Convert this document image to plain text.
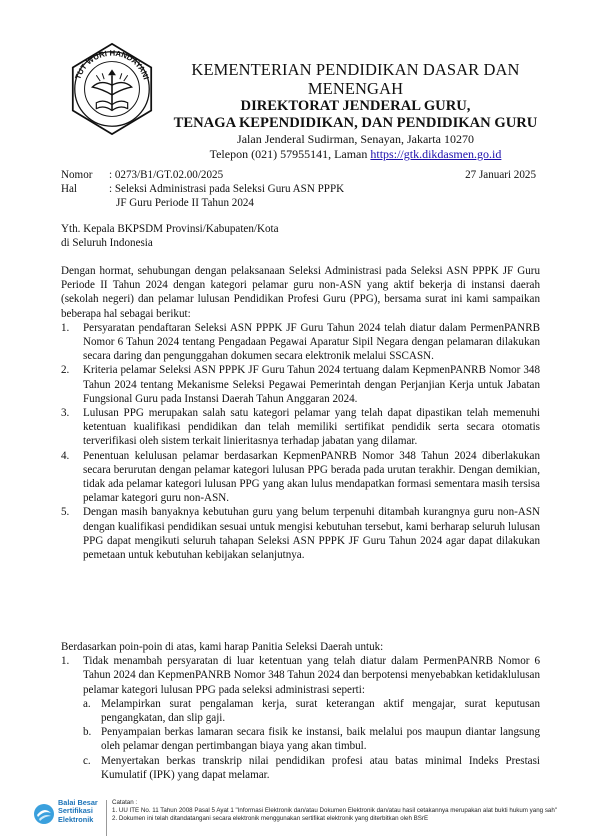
TUT WURI HANDAYANI	KEMENTERIAN PENDIDIKAN DASAR DAN MENENGAH
DIREKTORAT JENDERAL GURU,
TENAGA KEPENDIDIKAN, DAN PENDIDIKAN GURU
Jalan Jenderal Sudirman, Senayan, Jakarta 10270
Telepon (021) 57955141, Laman https://gtk.dikdasmen.go.id
Nomor	: 0273/B1/GT.02.00/2025
Hal	: Seleksi Administrasi pada Seleksi Guru ASN PPPK
JF Guru Periode II Tahun 2024
27 Januari 2025
Yth. Kepala BKPSDM Provinsi/Kabupaten/Kota
di Seluruh Indonesia

Dengan hormat, sehubungan dengan pelaksanaan Seleksi Administrasi pada Seleksi ASN PPPK JF Guru Periode II Tahun 2024 dengan kategori pelamar guru non-ASN yang aktif bekerja di instansi daerah (sekolah negeri) dan pelamar lulusan Pendidikan Profesi Guru (PPG), bersama surat ini kami sampaikan beberapa hal sebagai berikut:

1.	Persyaratan pendaftaran Seleksi ASN PPPK JF Guru Tahun 2024 telah diatur dalam PermenPANRB Nomor 6 Tahun 2024 tentang Pengadaan Pegawai Aparatur Sipil Negara dengan pelamaran dilakukan secara daring dan pengunggahan dokumen secara elektronik melalui SSCASN.
2.	Kriteria pelamar Seleksi ASN PPPK JF Guru Tahun 2024 tertuang dalam KepmenPANRB Nomor 348 Tahun 2024 tentang Mekanisme Seleksi Pegawai Pemerintah dengan Perjanjian Kerja untuk Jabatan Fungsional Guru pada Instansi Daerah Tahun Anggaran 2024.
3.	Lulusan PPG merupakan salah satu kategori pelamar yang telah dapat dipastikan telah memenuhi ketentuan kualifikasi pendidikan dan telah memiliki sertifikat pendidik serta secara otomatis terverifikasi oleh sistem terkait linieritasnya terhadap jabatan yang dilamar.
4.	Penentuan kelulusan pelamar berdasarkan KepmenPANRB Nomor 348 Tahun 2024 diberlakukan secara berurutan dengan pelamar kategori lulusan PPG berada pada urutan terakhir. Dengan demikian, tidak ada pelamar kategori lulusan PPG yang akan lulus mendapatkan formasi sementara masih tersisa pelamar kategori guru non-ASN.
5.	Dengan masih banyaknya kebutuhan guru yang belum terpenuhi ditambah kurangnya guru non-ASN dengan kualifikasi pendidikan sesuai untuk mengisi kebutuhan tersebut, kami berharap seluruh lulusan PPG dapat mengikuti seluruh tahapan Seleksi ASN PPPK JF Guru Tahun 2024 agar dapat dilakukan pemetaan untuk kebutuhan kebijakan selanjutnya.

Berdasarkan poin-poin di atas, kami harap Panitia Seleksi Daerah untuk:

1.	Tidak menambah persyaratan di luar ketentuan yang telah diatur dalam PermenPANRB Nomor 6 Tahun 2024 dan KepmenPANRB Nomor 348 Tahun 2024 dan berpotensi menyebabkan ketidaklulusan pelamar kategori lulusan PPG pada seleksi administrasi seperti:
a. Melampirkan surat pengalaman kerja, surat keterangan aktif mengajar, surat keputusan pengangkatan, dan slip gaji.
b. Penyampaian berkas lamaran secara fisik ke instansi, baik melalui pos maupun diantar langsung oleh pelamar dengan pertimbangan biaya yang akan timbul.
c. Menyertakan berkas transkrip nilai pendidikan profesi atau batas minimal Indeks Prestasi Kumulatif (IPK) yang dapat melamar.
Balai Besar
Sertifikasi
Elektronik
Catatan :
1. UU ITE No. 11 Tahun 2008 Pasal 5 Ayat 1 "Informasi Elektronik dan/atau Dokumen Elektronik dan/atau hasil cetakannya merupakan alat bukti hukum yang sah"
2. Dokumen ini telah ditandatangani secara elektronik menggunakan sertifikat elektronik yang diterbitkan oleh BSrE
